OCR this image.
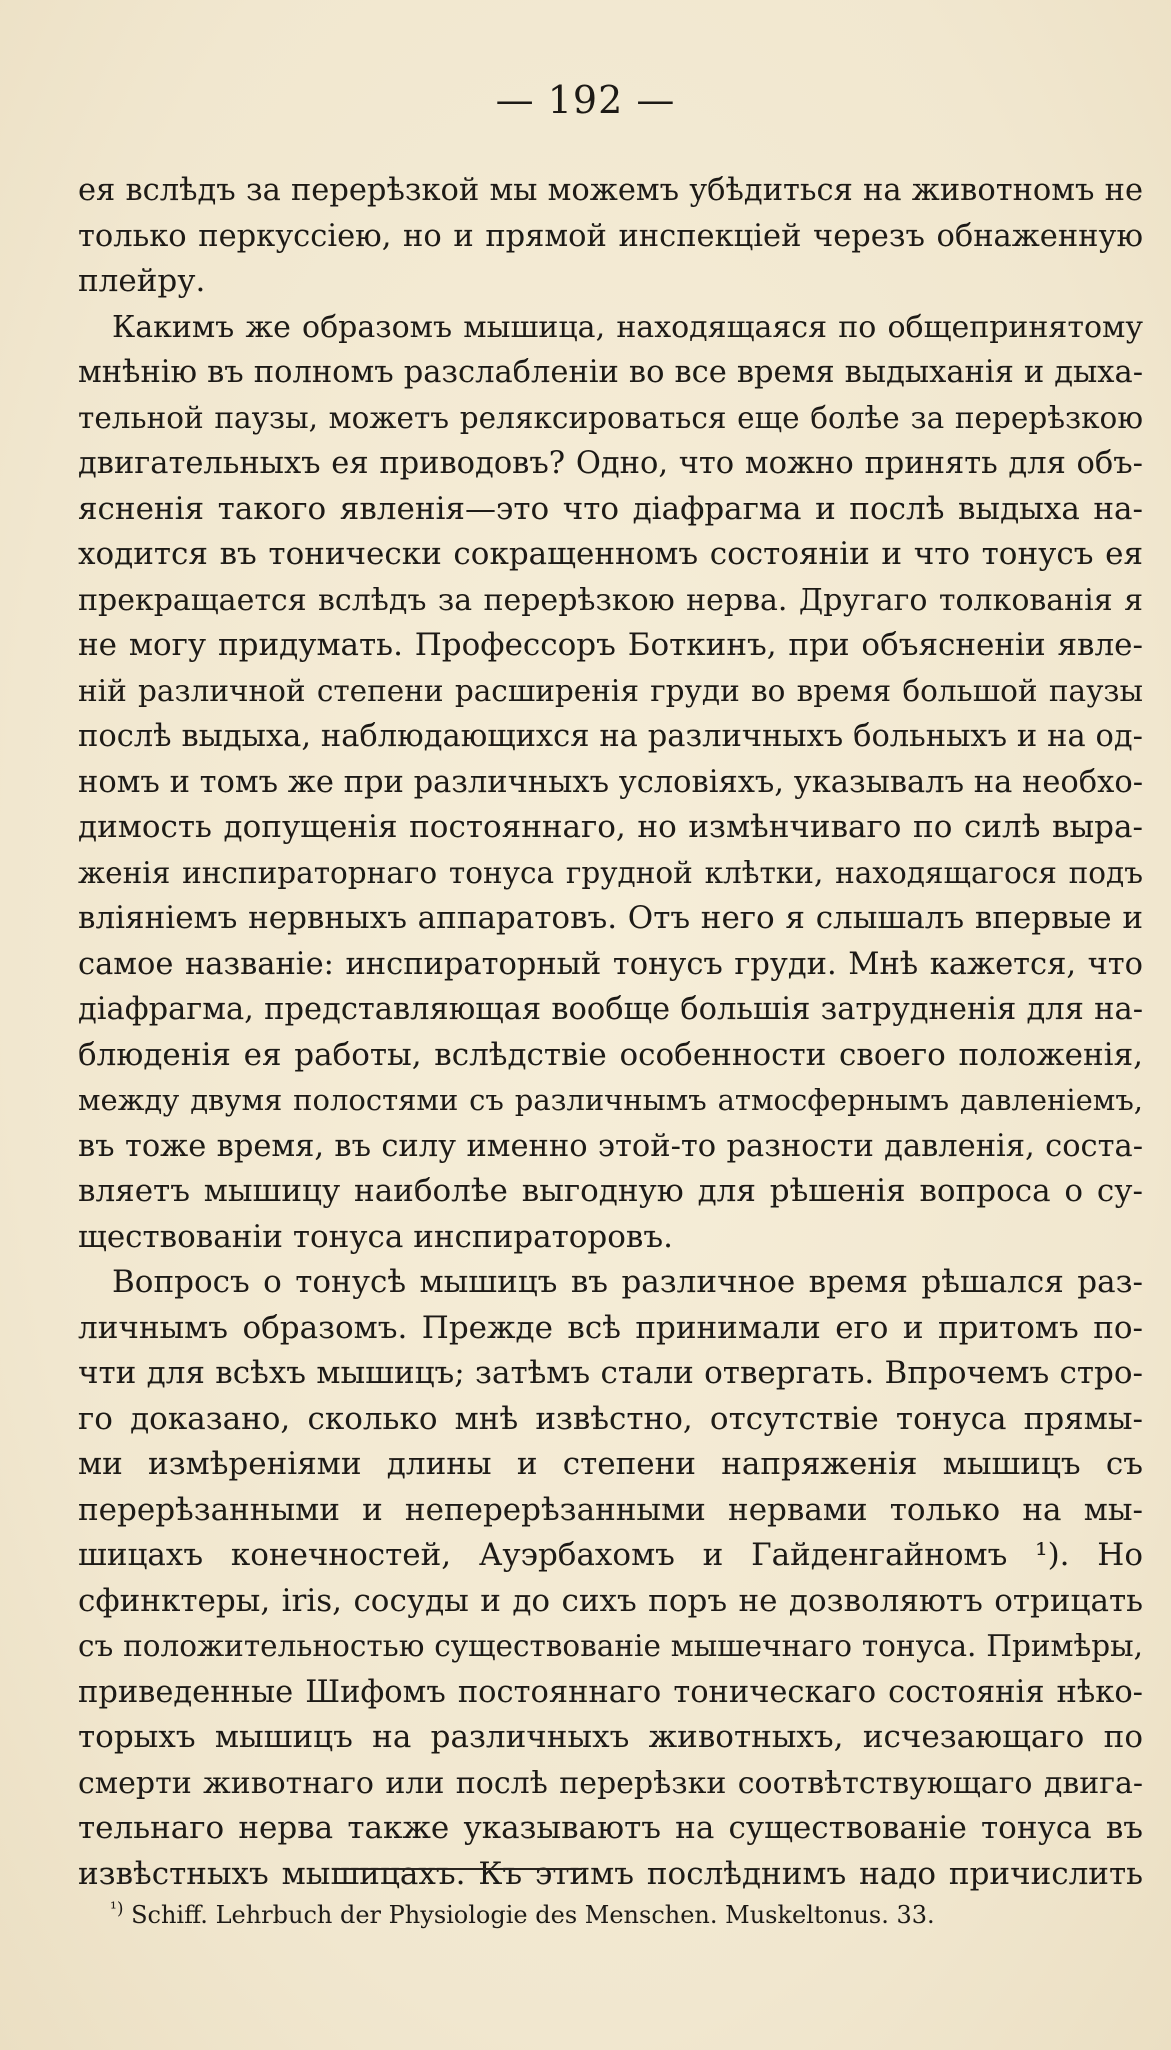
— 192 —
ея вслѣдъ за перерѣзкой мы можемъ убѣдиться на животномъ не
только перкуссіею, но и прямой инспекціей черезъ обнаженную
плейру.
Какимъ же образомъ мышица, находящаяся по общепринятому
мнѣнію въ полномъ разслабленіи во все время выдыханія и дыха-
тельной паузы, можетъ реляксироваться еще болѣе за перерѣзкою
двигательныхъ ея приводовъ? Одно, что можно принять для объ-
ясненія такого явленія—это что діафрагма и послѣ выдыха на-
ходится въ тонически сокращенномъ состояніи и что тонусъ ея
прекращается вслѣдъ за перерѣзкою нерва. Другаго толкованія я
не могу придумать. Профессоръ Боткинъ, при объясненіи явле-
ній различной степени расширенія груди во время большой паузы
послѣ выдыха, наблюдающихся на различныхъ больныхъ и на од-
номъ и томъ же при различныхъ условіяхъ, указывалъ на необхо-
димость допущенія постояннаго, но измѣнчиваго по силѣ выра-
женія инспираторнаго тонуса грудной клѣтки, находящагося подъ
вліяніемъ нервныхъ аппаратовъ. Отъ него я слышалъ впервые и
самое названіе: инспираторный тонусъ груди. Мнѣ кажется, что
діафрагма, представляющая вообще большія затрудненія для на-
блюденія ея работы, вслѣдствіе особенности своего положенія,
между двумя полостями съ различнымъ атмосфернымъ давленіемъ,
въ тоже время, въ силу именно этой-то разности давленія, соста-
вляетъ мышицу наиболѣе выгодную для рѣшенія вопроса о су-
ществованіи тонуса инспираторовъ.
Вопросъ о тонусѣ мышицъ въ различное время рѣшался раз-
личнымъ образомъ. Прежде всѣ принимали его и притомъ по-
чти для всѣхъ мышицъ; затѣмъ стали отвергать. Впрочемъ стро-
го доказано, сколько мнѣ извѣстно, отсутствіе тонуса прямы-
ми измѣреніями длины и степени напряженія мышицъ съ
перерѣзанными и неперерѣзанными нервами только на мы-
шицахъ конечностей, Ауэрбахомъ и Гайденгайномъ ¹). Но
сфинктеры, iris, сосуды и до сихъ поръ не дозволяютъ отрицать
съ положительностью существованіе мышечнаго тонуса. Примѣры,
приведенные Шифомъ постояннаго тоническаго состоянія нѣко-
торыхъ мышицъ на различныхъ животныхъ, исчезающаго по
смерти животнаго или послѣ перерѣзки соотвѣтствующаго двига-
тельнаго нерва также указываютъ на существованіе тонуса въ
извѣстныхъ мышицахъ. Къ этимъ послѣднимъ надо причислить
$^{^1)}$ Schiff. Lehrbuch der Physiologie des Menschen. Muskeltonus. 33.
